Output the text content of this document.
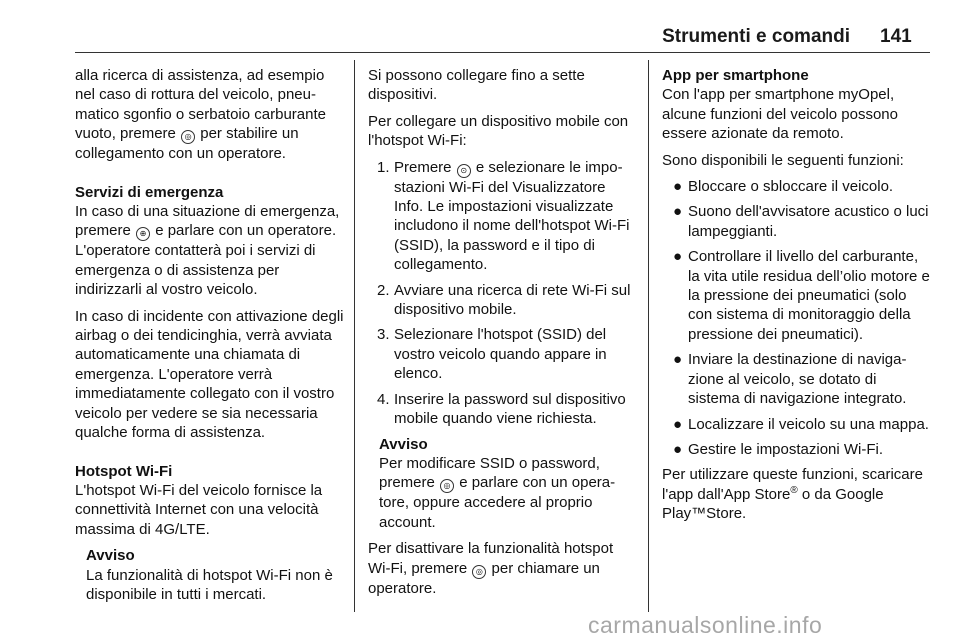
Strumenti e comandi 141

alla ricerca di assistenza, ad esempio nel caso di rottura del veicolo, pneumatico sgonfio o serbatoio carburante vuoto, premere ◎ per stabilire un collegamento con un operatore.

Servizi di emergenza
In caso di una situazione di emergenza, premere ⊕ e parlare con un operatore. L'operatore contatterà poi i servizi di emergenza o di assistenza per indirizzarli al vostro veicolo.

In caso di incidente con attivazione degli airbag o dei tendicinghia, verrà avviata automaticamente una chiamata di emergenza. L'operatore verrà immediatamente collegato con il vostro veicolo per vedere se sia necessaria qualche forma di assistenza.

Hotspot Wi-Fi
L'hotspot Wi-Fi del veicolo fornisce la connettività Internet con una velocità massima di 4G/LTE.
Avviso
La funzionalità di hotspot Wi-Fi non è disponibile in tutti i mercati.

Si possono collegare fino a sette dispositivi.

Per collegare un dispositivo mobile con l'hotspot Wi-Fi:

1. Premere ⊙ e selezionare le impostazioni Wi-Fi del Visualizzatore Info. Le impostazioni visualizzate includono il nome dell'hotspot Wi-Fi (SSID), la password e il tipo di collegamento.
2. Avviare una ricerca di rete Wi-Fi sul dispositivo mobile.
3. Selezionare l'hotspot (SSID) del vostro veicolo quando appare in elenco.
4. Inserire la password sul dispositivo mobile quando viene richiesta.
Avviso
Per modificare SSID o password, premere ◎ e parlare con un operatore, oppure accedere al proprio account.

Per disattivare la funzionalità hotspot Wi-Fi, premere ◎ per chiamare un operatore.

App per smartphone
Con l'app per smartphone myOpel, alcune funzioni del veicolo possono essere azionate da remoto.

Sono disponibili le seguenti funzioni:

● Bloccare o sbloccare il veicolo.
● Suono dell'avvisatore acustico o luci lampeggianti.
● Controllare il livello del carburante, la vita utile residua dell’olio motore e la pressione dei pneumatici (solo con sistema di monitoraggio della pressione dei pneumatici).
● Inviare la destinazione di navigazione al veicolo, se dotato di sistema di navigazione integrato.
● Localizzare il veicolo su una mappa.
● Gestire le impostazioni Wi-Fi.

Per utilizzare queste funzioni, scaricare l'app dall'App Store® o da Google Play™Store.

carmanualsonline.info
